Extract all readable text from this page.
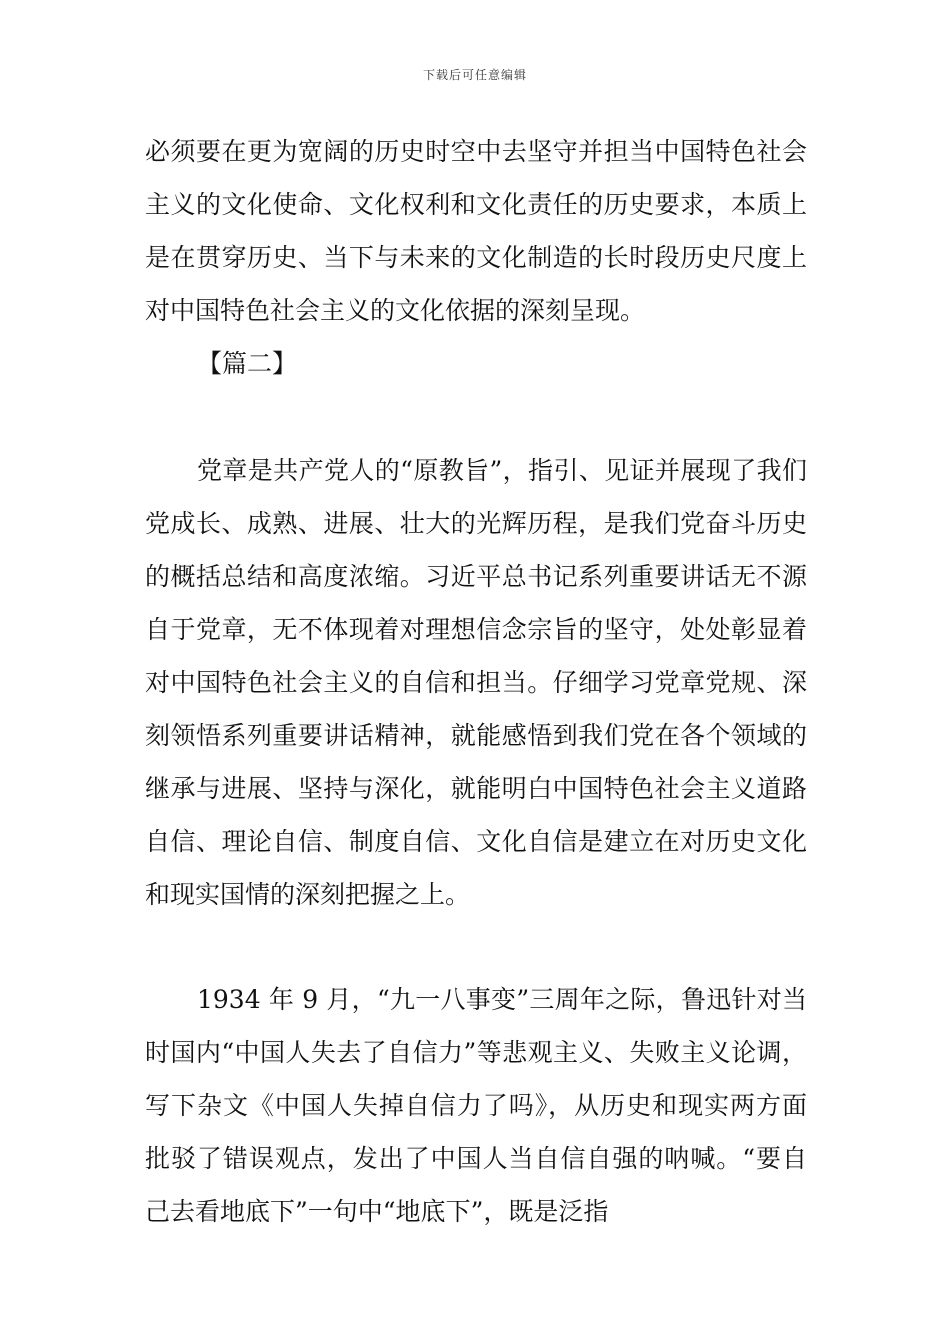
下载后可任意编辑

必须要在更为宽阔的历史时空中去坚守并担当中国特色社会主义的文化使命、文化权利和文化责任的历史要求，本质上是在贯穿历史、当下与未来的文化制造的长时段历史尺度上对中国特色社会主义的文化依据的深刻呈现。

【篇二】

党章是共产党人的“原教旨”，指引、见证并展现了我们党成长、成熟、进展、壮大的光辉历程，是我们党奋斗历史的概括总结和高度浓缩。习近平总书记系列重要讲话无不源自于党章，无不体现着对理想信念宗旨的坚守，处处彰显着对中国特色社会主义的自信和担当。仔细学习党章党规、深刻领悟系列重要讲话精神，就能感悟到我们党在各个领域的继承与进展、坚持与深化，就能明白中国特色社会主义道路自信、理论自信、制度自信、文化自信是建立在对历史文化和现实国情的深刻把握之上。

1934 年 9 月，“九一八事变”三周年之际，鲁迅针对当时国内“中国人失去了自信力”等悲观主义、失败主义论调，写下杂文《中国人失掉自信力了吗》，从历史和现实两方面批驳了错误观点，发出了中国人当自信自强的呐喊。“要自己去看地底下”一句中“地底下”，既是泛指
